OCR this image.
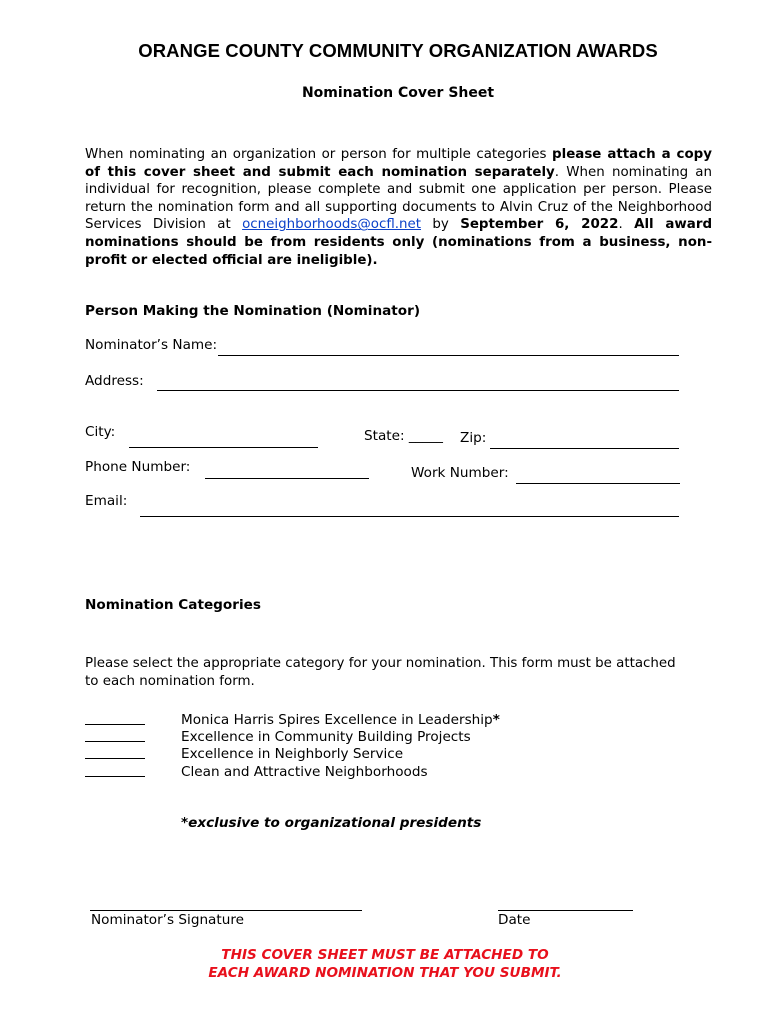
ORANGE COUNTY COMMUNITY ORGANIZATION AWARDS
Nomination Cover Sheet
When nominating an organization or person for multiple categories please attach a copy of this cover sheet and submit each nomination separately. When nominating an individual for recognition, please complete and submit one application per person. Please return the nomination form and all supporting documents to Alvin Cruz of the Neighborhood Services Division at ocneighborhoods@ocfl.net by September 6, 2022. All award nominations should be from residents only (nominations from a business, non-profit or elected official are ineligible).
Person Making the Nomination (Nominator)
Nominator’s Name:
Address:
City:	State: _____ Zip:
Phone Number:	Work Number:
Email:
Nomination Categories
Please select the appropriate category for your nomination. This form must be attached to each nomination form.
Monica Harris Spires Excellence in Leadership*
Excellence in Community Building Projects
Excellence in Neighborly Service
Clean and Attractive Neighborhoods
*exclusive to organizational presidents
Nominator’s Signature	Date
THIS COVER SHEET MUST BE ATTACHED TO
EACH AWARD NOMINATION THAT YOU SUBMIT.
